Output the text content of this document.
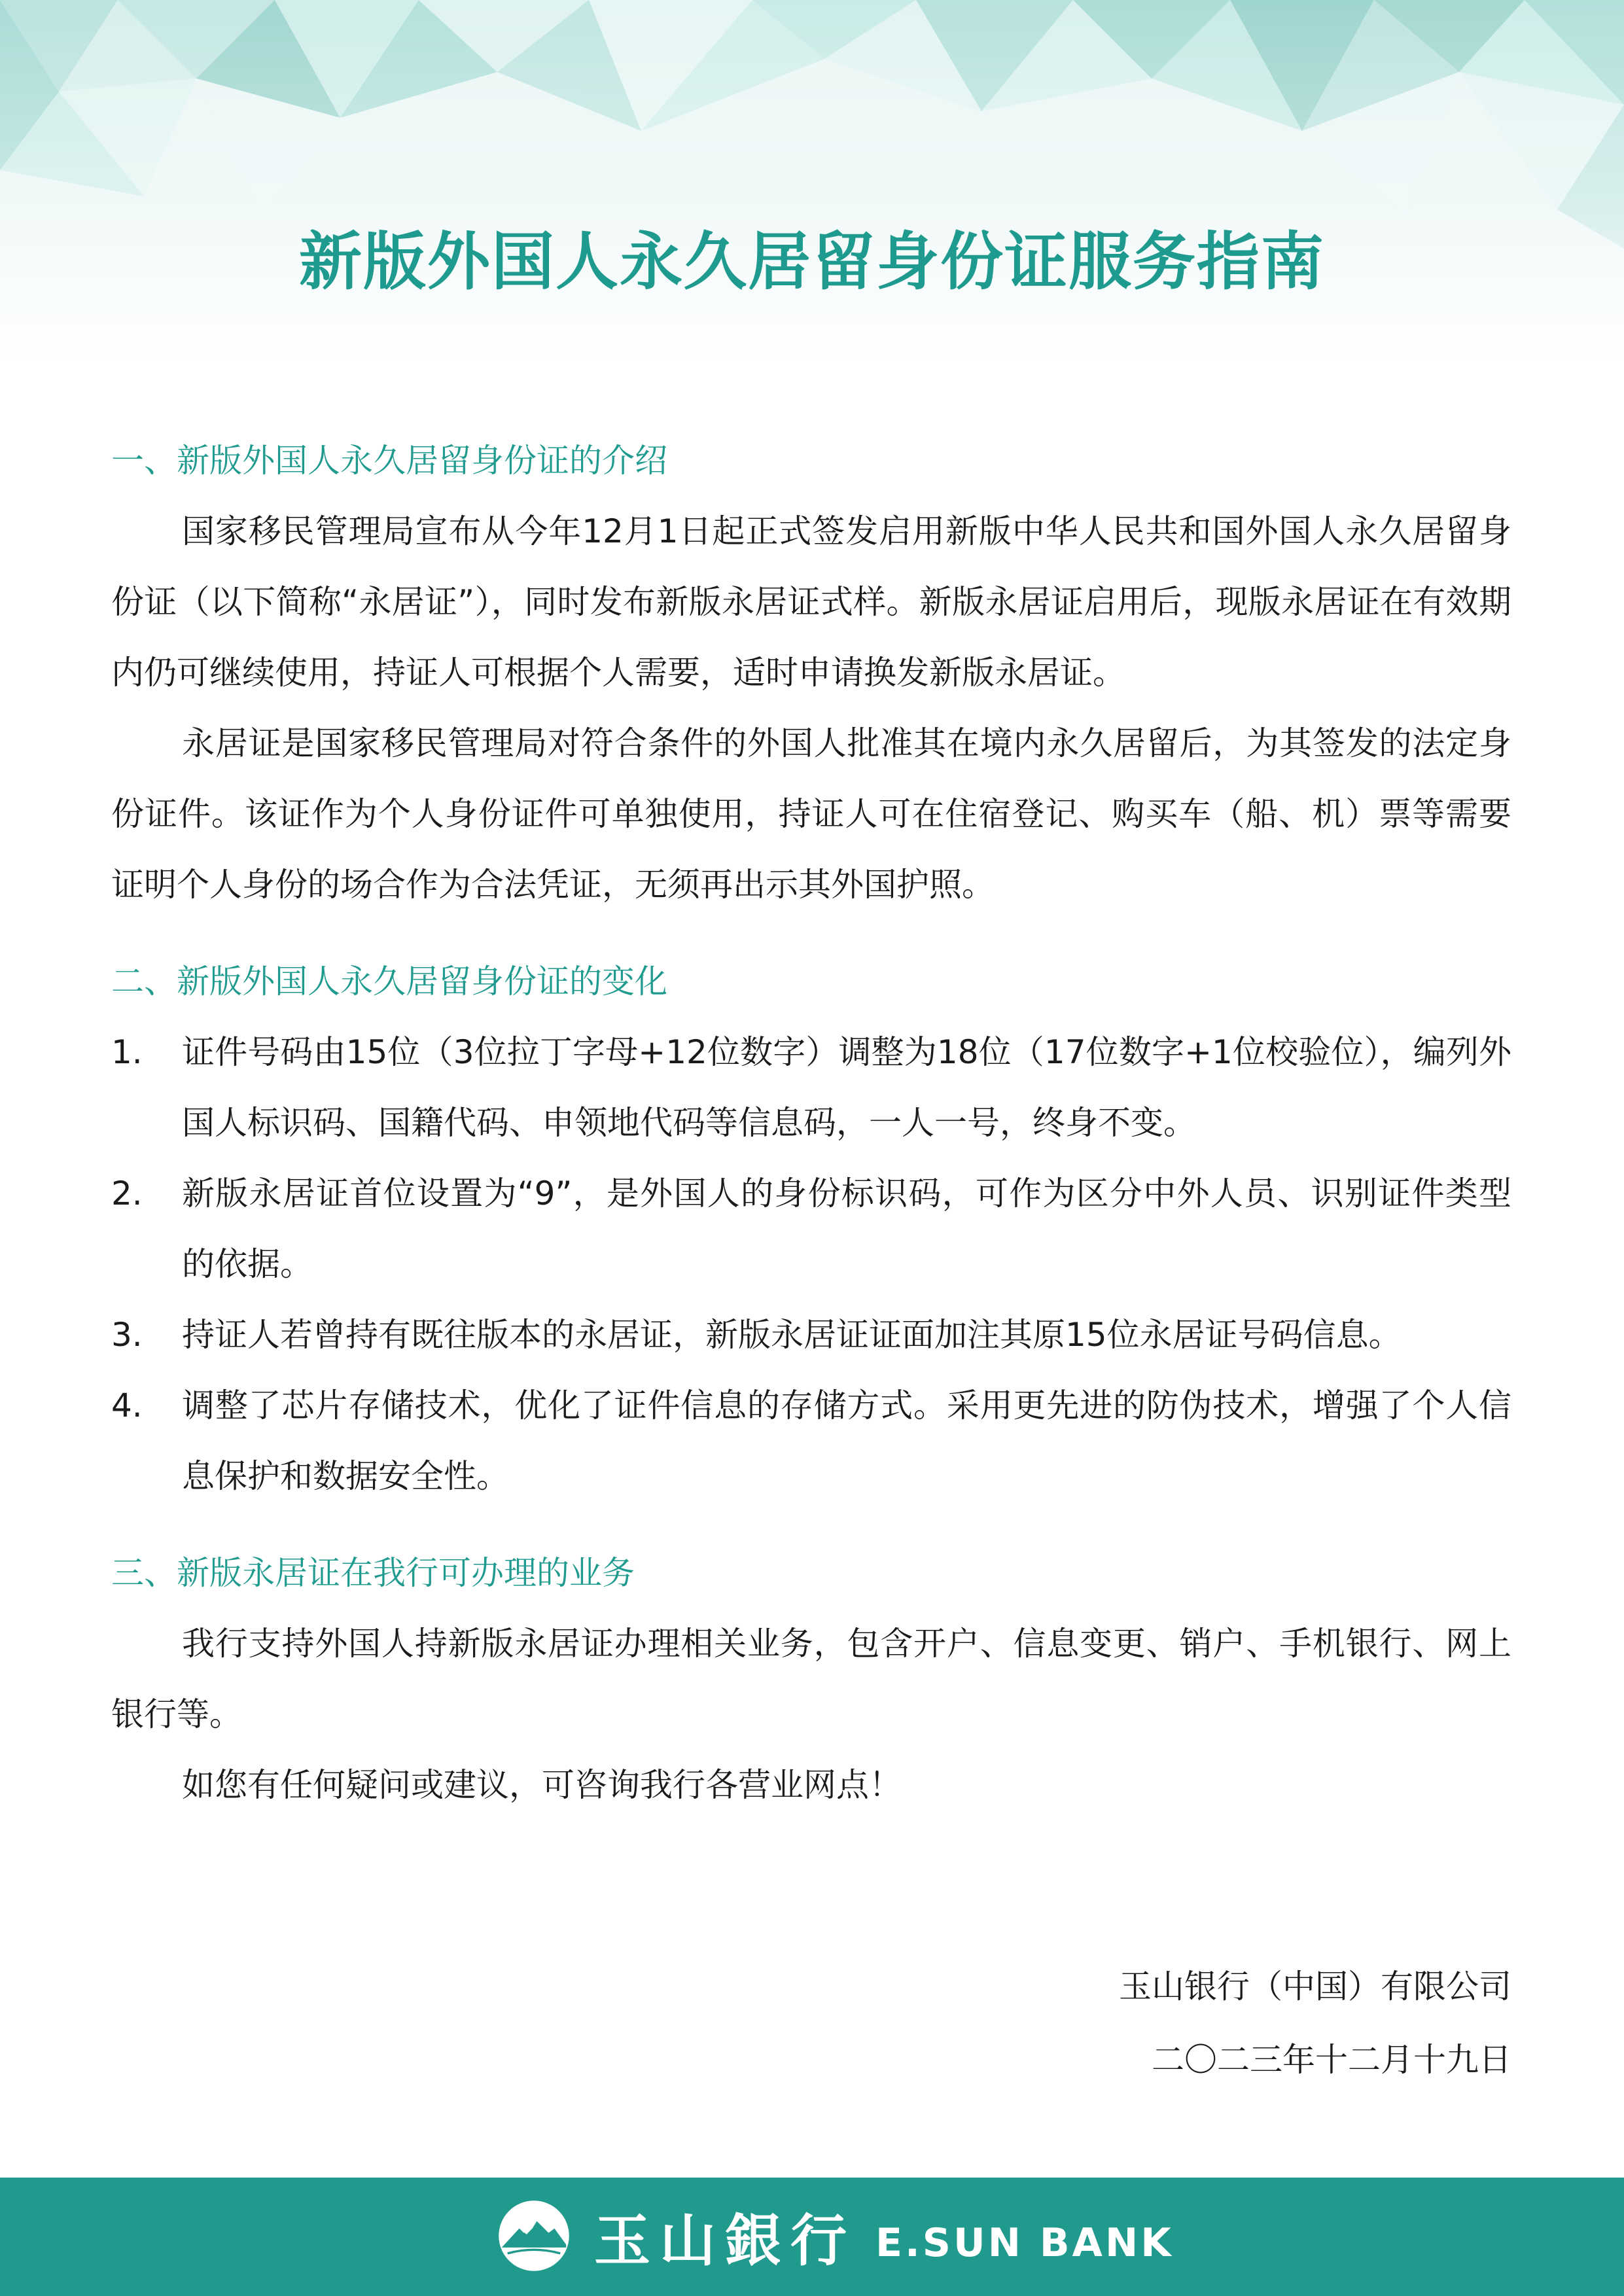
新版外国人永久居留身份证服务指南
一、新版外国人永久居留身份证的介绍

国家移民管理局宣布从今年12月1日起正式签发启用新版中华人民共和国外国人永久居留身份证（以下简称“永居证”），同时发布新版永居证式样。新版永居证启用后，现版永居证在有效期内仍可继续使用，持证人可根据个人需要，适时申请换发新版永居证。

永居证是国家移民管理局对符合条件的外国人批准其在境内永久居留后，为其签发的法定身份证件。该证作为个人身份证件可单独使用，持证人可在住宿登记、购买车（船、机）票等需要证明个人身份的场合作为合法凭证，无须再出示其外国护照。

二、新版外国人永久居留身份证的变化
1. 证件号码由15位（3位拉丁字母+12位数字）调整为18位（17位数字+1位校验位），编列外国人标识码、国籍代码、申领地代码等信息码，一人一号，终身不变。
2. 新版永居证首位设置为“9”，是外国人的身份标识码，可作为区分中外人员、识别证件类型的依据。
3. 持证人若曾持有既往版本的永居证，新版永居证证面加注其原15位永居证号码信息。
4. 调整了芯片存储技术，优化了证件信息的存储方式。采用更先进的防伪技术，增强了个人信息保护和数据安全性。
三、新版永居证在我行可办理的业务

我行支持外国人持新版永居证办理相关业务，包含开户、信息变更、销户、手机银行、网上银行等。

如您有任何疑问或建议，可咨询我行各营业网点！

玉山银行（中国）有限公司
二〇二三年十二月十九日
玉山銀行 E.SUN BANK
